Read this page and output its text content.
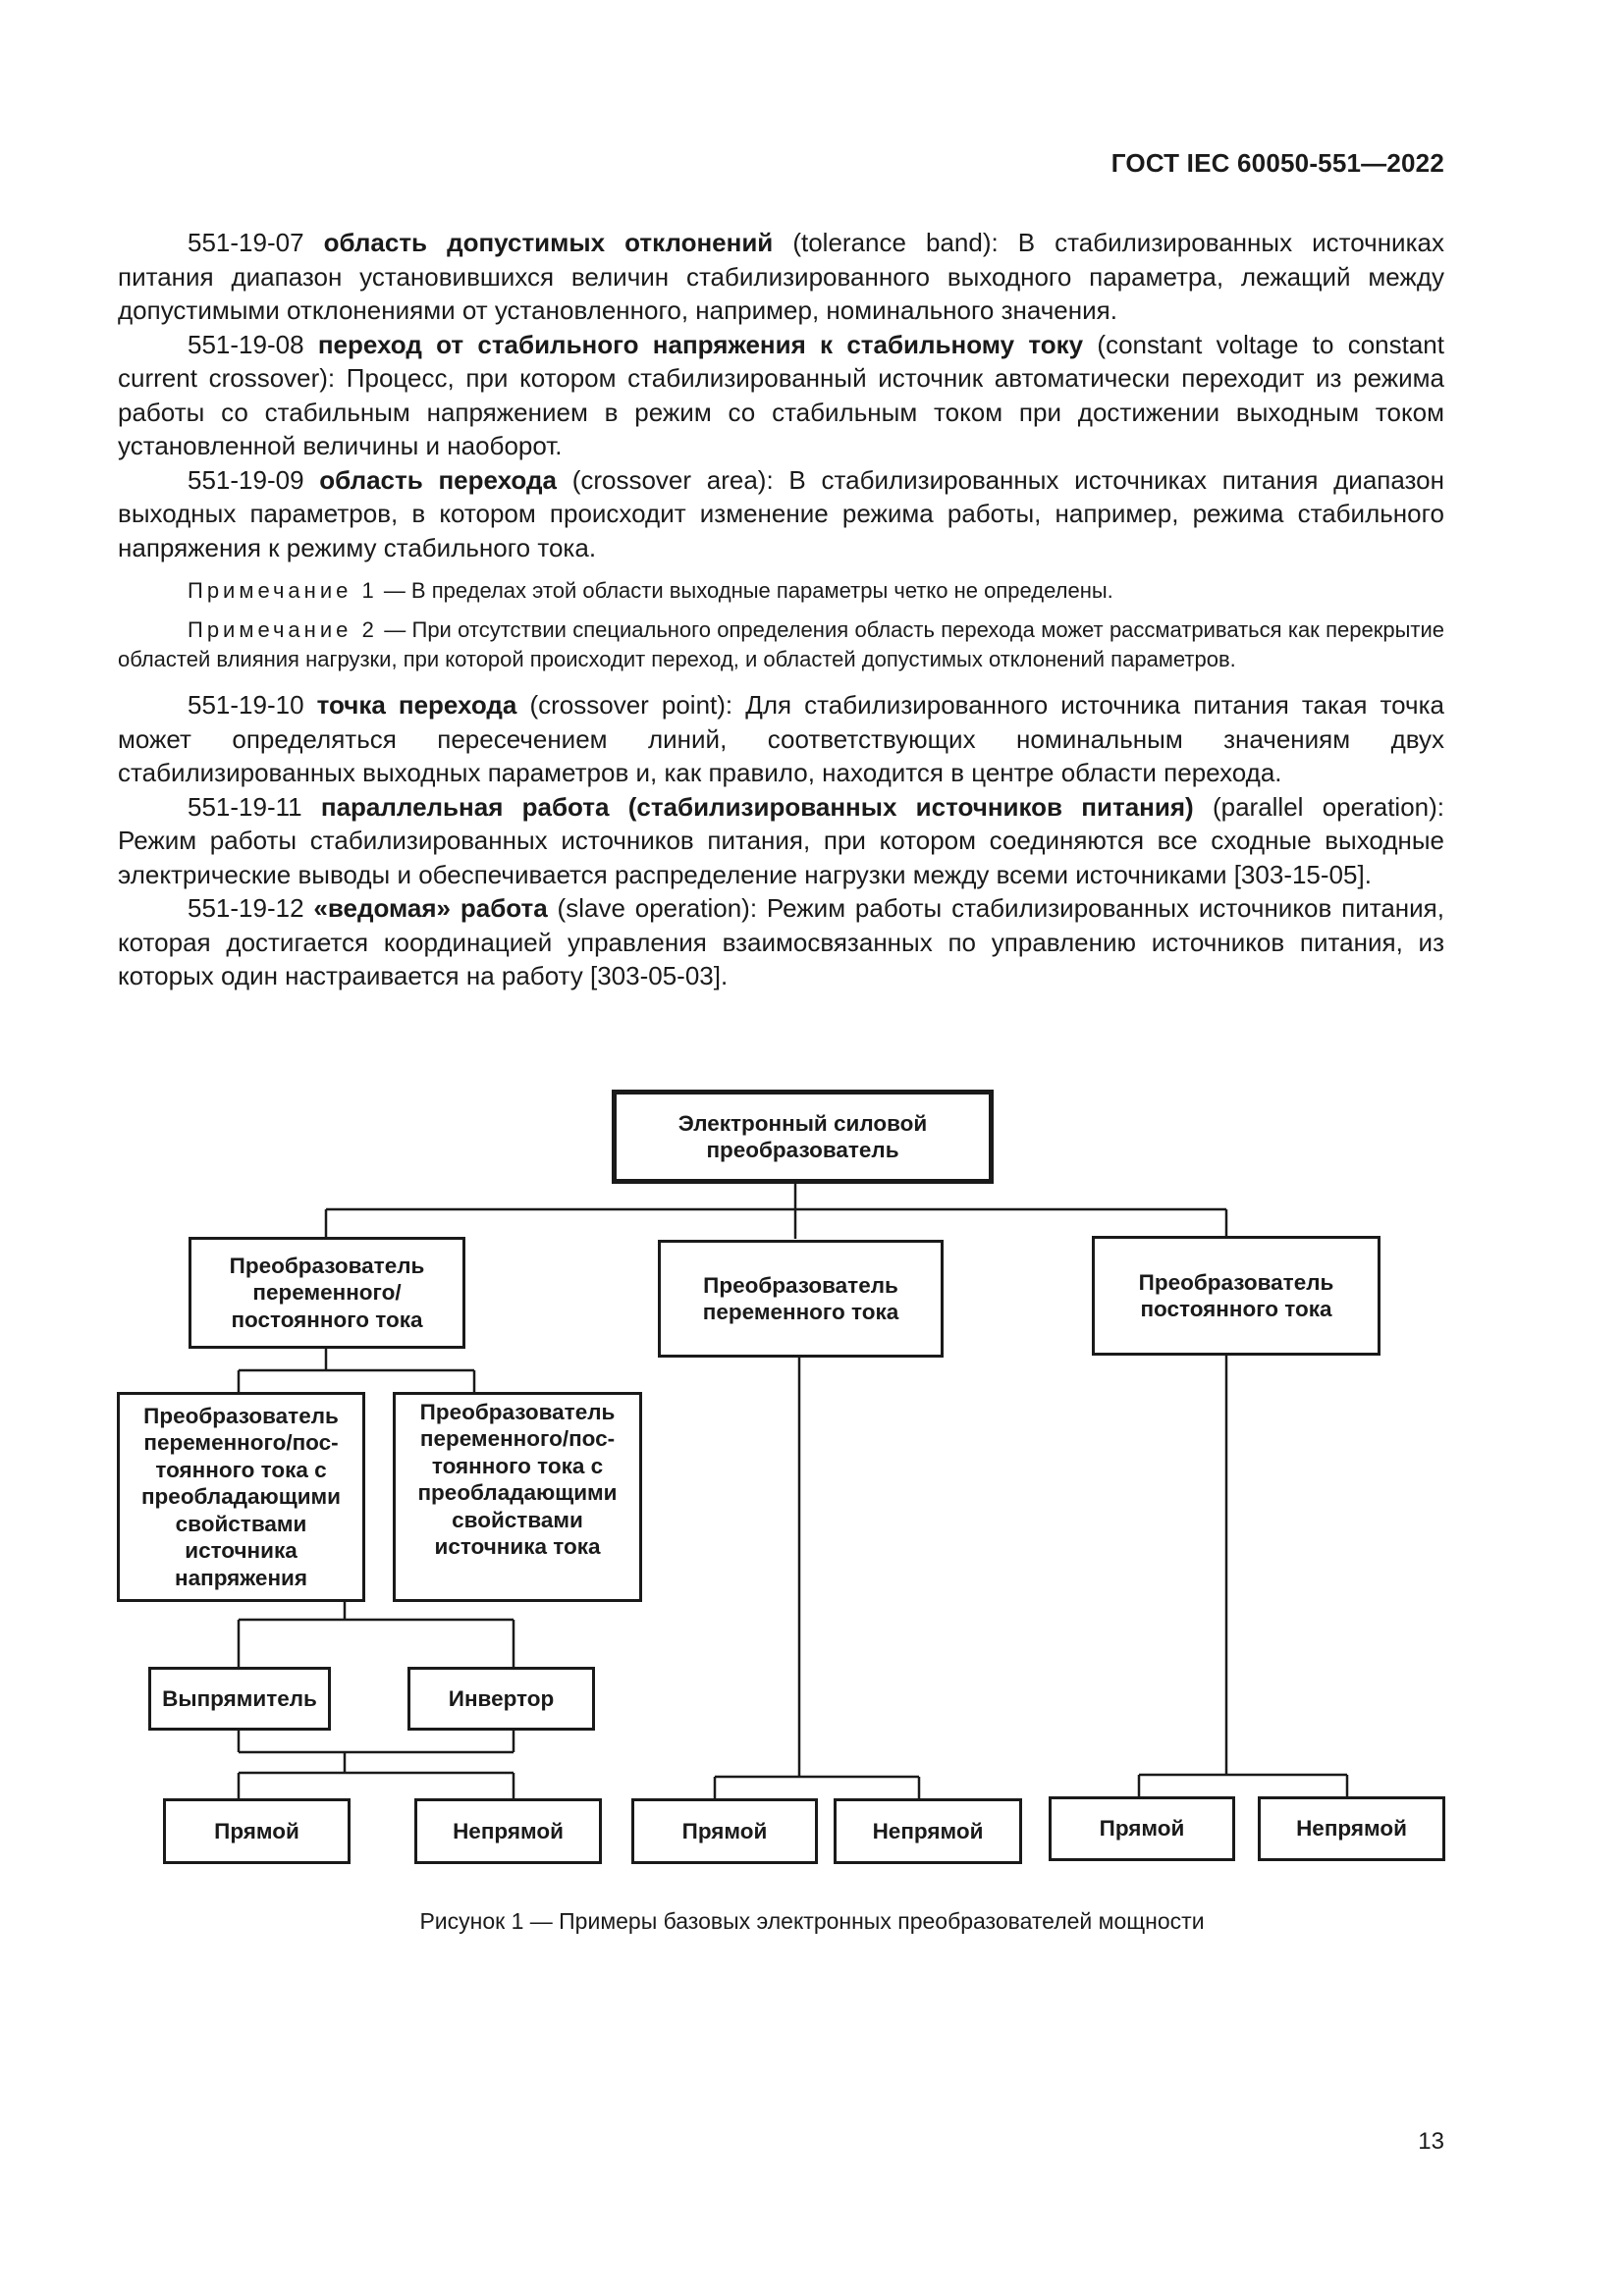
ГОСТ IEC 60050-551—2022

551-19-07 область допустимых отклонений (tolerance band): В стабилизированных источниках питания диапазон установившихся величин стабилизированного выходного параметра, лежащий между допустимыми отклонениями от установленного, например, номинального значения.

551-19-08 переход от стабильного напряжения к стабильному току (constant voltage to constant current crossover): Процесс, при котором стабилизированный источник автоматически переходит из режима работы со стабильным напряжением в режим со стабильным током при достижении выходным током установленной величины и наоборот.

551-19-09 область перехода (crossover area): В стабилизированных источниках питания диапазон выходных параметров, в котором происходит изменение режима работы, например, режима стабильного напряжения к режиму стабильного тока.

Примечание 1 — В пределах этой области выходные параметры четко не определены.

Примечание 2 — При отсутствии специального определения область перехода может рассматриваться как перекрытие областей влияния нагрузки, при которой происходит переход, и областей допустимых отклонений параметров.

551-19-10 точка перехода (crossover point): Для стабилизированного источника питания такая точка может определяться пересечением линий, соответствующих номинальным значениям двух стабилизированных выходных параметров и, как правило, находится в центре области перехода.

551-19-11 параллельная работа (стабилизированных источников питания) (parallel operation): Режим работы стабилизированных источников питания, при котором соединяются все сходные выходные электрические выводы и обеспечивается распределение нагрузки между всеми источниками [303-15-05].

551-19-12 «ведомая» работа (slave operation): Режим работы стабилизированных источников питания, которая достигается координацией управления взаимосвязанных по управлению источников питания, из которых один настраивается на работу [303-05-03].

Электронный силовой преобразователь
Преобразователь переменного/ постоянного тока
Преобразователь переменного тока
Преобразователь постоянного тока
Преобразователь переменного/пос- тоянного тока с преобладающими свойствами источника напряжения
Преобразователь переменного/пос- тоянного тока с преобладающими свойствами источника тока
Выпрямитель	Инвертор
Прямой	Непрямой	Прямой	Непрямой	Прямой	Непрямой
Рисунок 1 — Примеры базовых электронных преобразователей мощности
13
